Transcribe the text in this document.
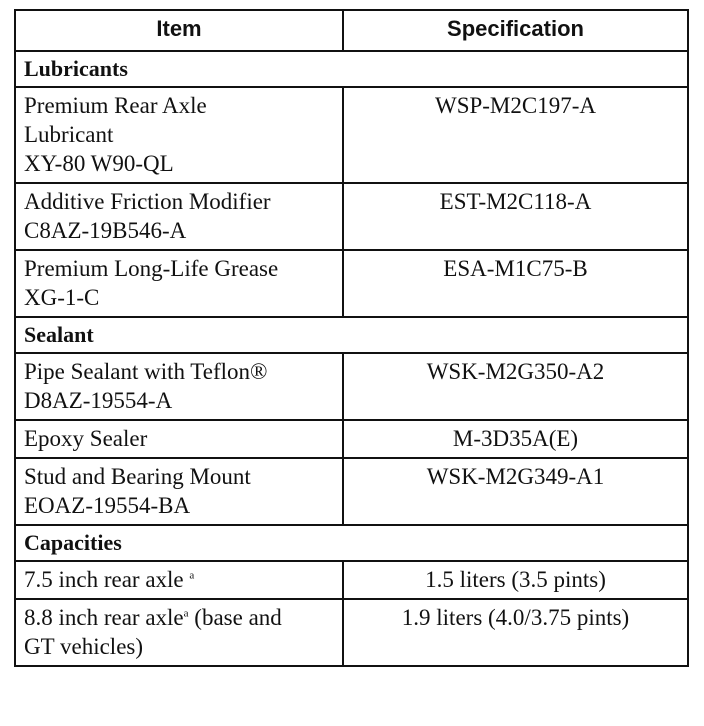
Item	Specification
Lubricants	

Premium Rear Axle
Lubricant
XY-80 W90-QL	WSP-M2C197-A

Additive Friction Modifier
C8AZ-19B546-A	EST-M2C118-A

Premium Long-Life Grease
XG-1-C	ESA-M1C75-B
Sealant	

Pipe Sealant with Teflon®
D8AZ-19554-A	WSK-M2G350-A2

Epoxy Sealer	M-3D35A(E)

Stud and Bearing Mount
EOAZ-19554-BA	WSK-M2G349-A1
Capacities	
7.5 inch rear axle $^a$	1.5 liters (3.5 pints)
8.8 inch rear axle$^a$ (base and
GT vehicles)	1.9 liters (4.0/3.75 pints)
